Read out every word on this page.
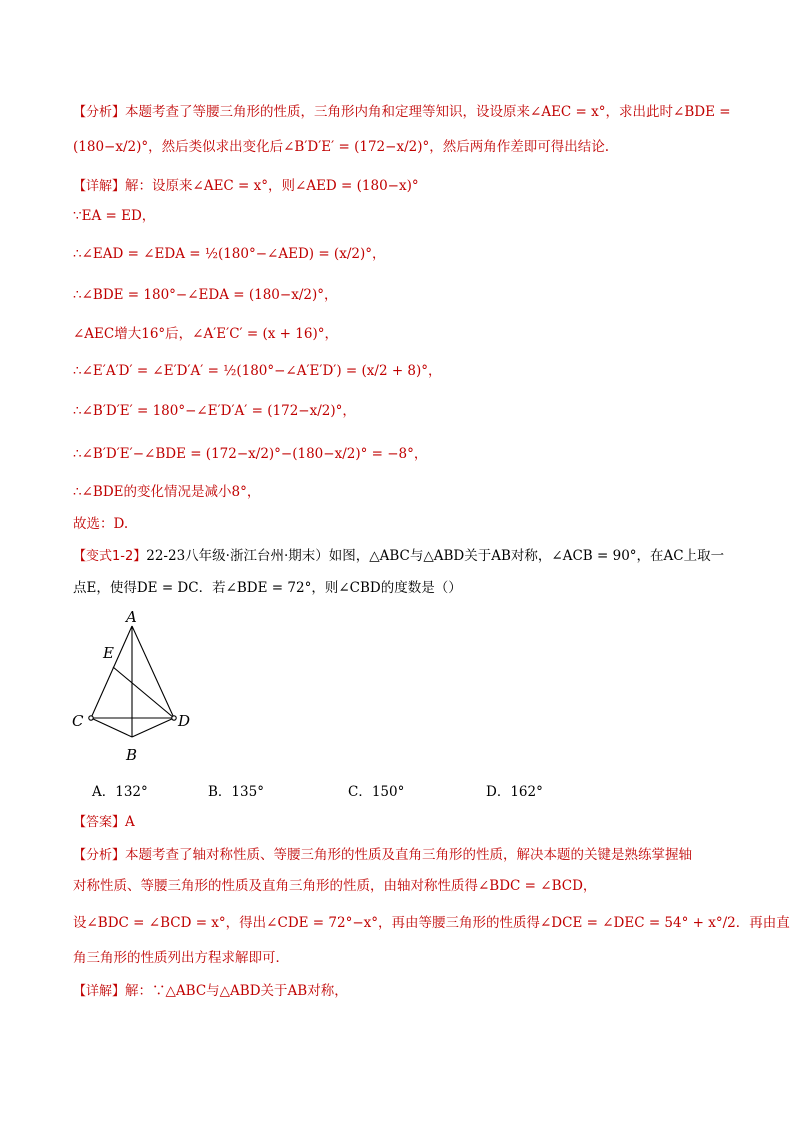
【分析】本题考查了等腰三角形的性质，三角形内角和定理等知识，设设原来∠AEC = x°，求出此时∠BDE =
(180−x/2)°，然后类似求出变化后∠B′D′E′ = (172−x/2)°，然后两角作差即可得出结论.
【详解】解：设原来∠AEC = x°，则∠AED = (180−x)°
∵EA = ED，
∴∠EAD = ∠EDA = ½(180°−∠AED) = (x/2)°，
∴∠BDE = 180°−∠EDA = (180−x/2)°，
∠AEC增大16°后，∠A′E′C′ = (x + 16)°，
∴∠E′A′D′ = ∠E′D′A′ = ½(180°−∠A′E′D′) = (x/2 + 8)°，
∴∠B′D′E′ = 180°−∠E′D′A′ = (172−x/2)°，
∴∠B′D′E′−∠BDE = (172−x/2)°−(180−x/2)° = −8°，
∴∠BDE的变化情况是减小8°，
故选：D.
【变式1-2】22-23八年级·浙江台州·期末）如图，△ABC与△ABD关于AB对称，∠ACB = 90°，在AC上取一
点E，使得DE = DC．若∠BDE = 72°，则∠CBD的度数是（）
A
E
C	D
B
A．132°	B．135°	C．150°	D．162°
【答案】A
【分析】本题考查了轴对称性质、等腰三角形的性质及直角三角形的性质，解决本题的关键是熟练掌握轴
对称性质、等腰三角形的性质及直角三角形的性质，由轴对称性质得∠BDC = ∠BCD，
设∠BDC = ∠BCD = x°，得出∠CDE = 72°−x°，再由等腰三角形的性质得∠DCE = ∠DEC = 54° + x°/2．再由直
角三角形的性质列出方程求解即可．
【详解】解：∵△ABC与△ABD关于AB对称，
